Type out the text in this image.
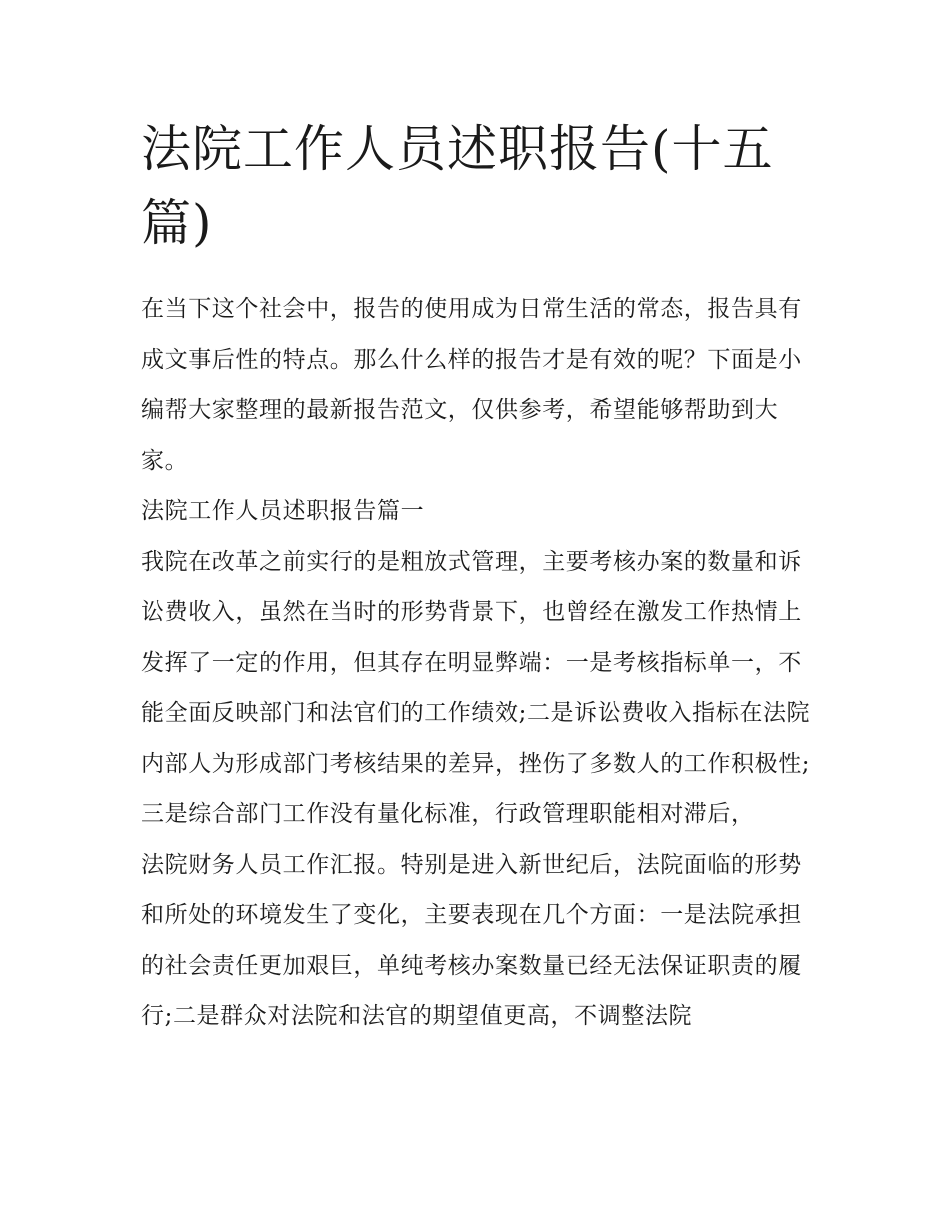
法院工作人员述职报告(十五篇)

在当下这个社会中，报告的使用成为日常生活的常态，报告具有成文事后性的特点。那么什么样的报告才是有效的呢？下面是小编帮大家整理的最新报告范文，仅供参考，希望能够帮助到大家。

法院工作人员述职报告篇一

我院在改革之前实行的是粗放式管理，主要考核办案的数量和诉讼费收入，虽然在当时的形势背景下，也曾经在激发工作热情上发挥了一定的作用，但其存在明显弊端：一是考核指标单一，不能全面反映部门和法官们的工作绩效;二是诉讼费收入指标在法院内部人为形成部门考核结果的差异，挫伤了多数人的工作积极性;三是综合部门工作没有量化标准，行政管理职能相对滞后，

法院财务人员工作汇报。特别是进入新世纪后，法院面临的形势和所处的环境发生了变化，主要表现在几个方面：一是法院承担的社会责任更加艰巨，单纯考核办案数量已经无法保证职责的履行;二是群众对法院和法官的期望值更高，不调整法院
